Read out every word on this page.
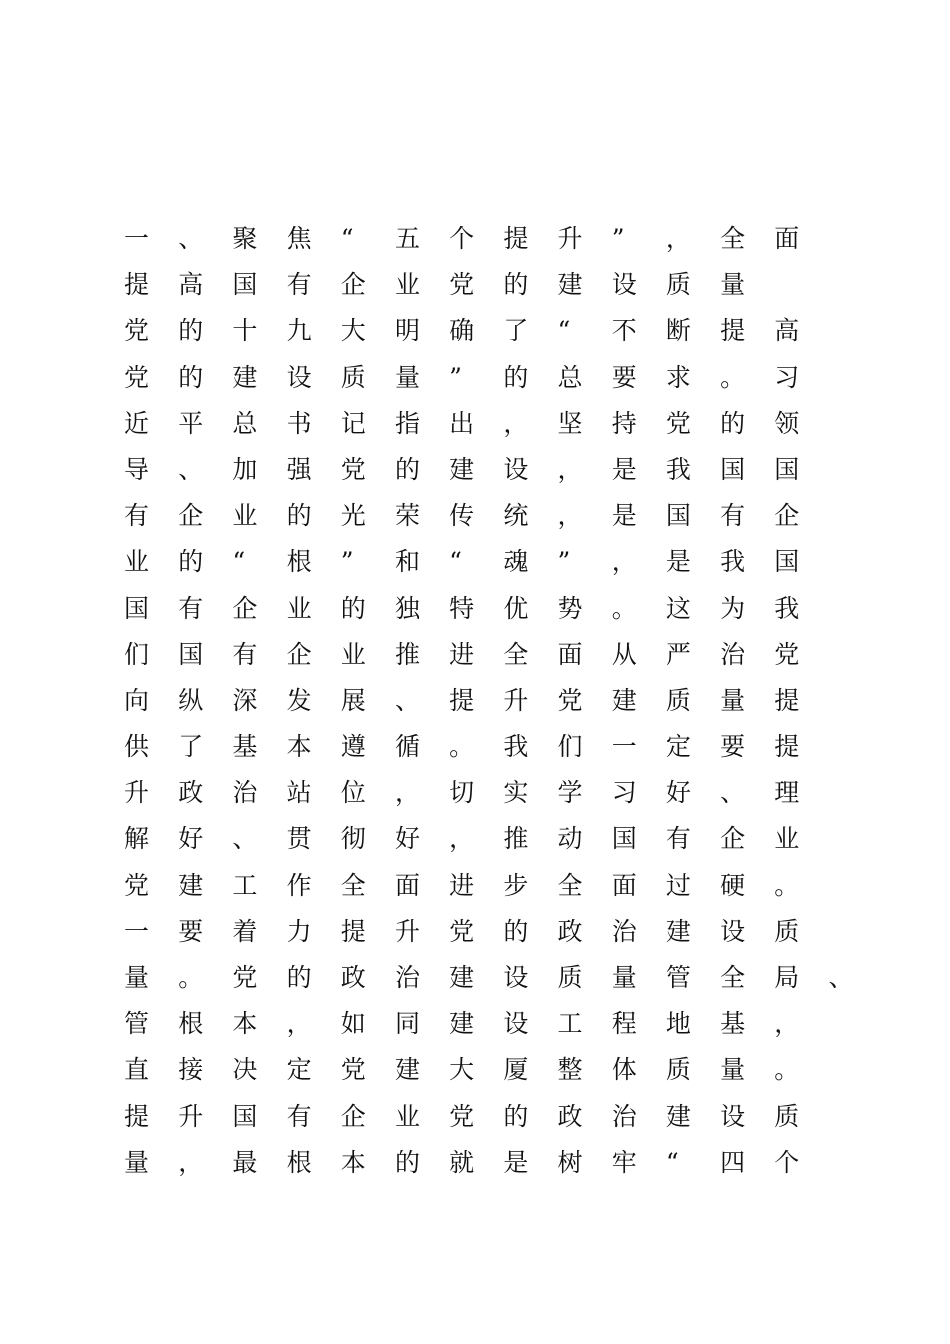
一 、 聚 焦 “ 五 个 提 升 ” ， 全 面
提 高 国 有 企 业 党 的 建 设 质 量
党 的 十 九 大 明 确 了 “ 不 断 提 高
党 的 建 设 质 量 ” 的 总 要 求 。 习
近 平 总 书 记 指 出 ， 坚 持 党 的 领
导 、 加 强 党 的 建 设 ， 是 我 国 国
有 企 业 的 光 荣 传 统 ， 是 国 有 企
业 的 “ 根 ” 和 “ 魂 ” ， 是 我 国
国 有 企 业 的 独 特 优 势 。 这 为 我
们 国 有 企 业 推 进 全 面 从 严 治 党
向 纵 深 发 展 、 提 升 党 建 质 量 提
供 了 基 本 遵 循 。 我 们 一 定 要 提
升 政 治 站 位 ， 切 实 学 习 好 、 理
解 好 、 贯 彻 好 ， 推 动 国 有 企 业
党 建 工 作 全 面 进 步 全 面 过 硬 。
一 要 着 力 提 升 党 的 政 治 建 设 质
量 。 党 的 政 治 建 设 质 量 管 全 局 、
管 根 本 ， 如 同 建 设 工 程 地 基 ，
直 接 决 定 党 建 大 厦 整 体 质 量 。
提 升 国 有 企 业 党 的 政 治 建 设 质
量 ， 最 根 本 的 就 是 树 牢 “ 四 个
